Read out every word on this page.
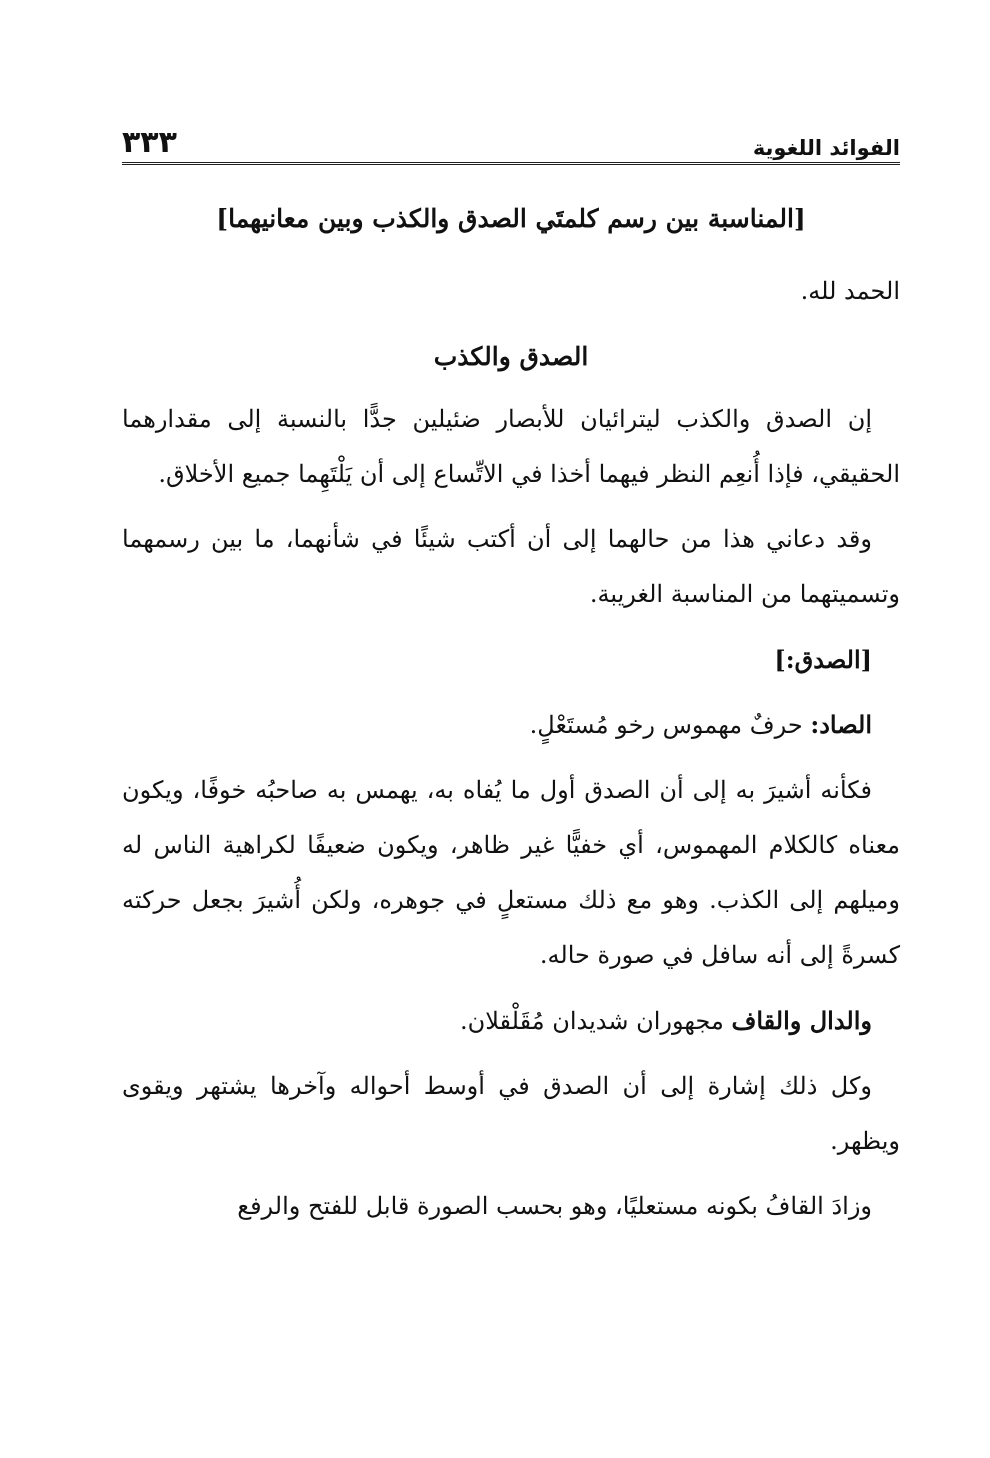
الفوائد اللغوية
٣٣٣
[المناسبة بين رسم كلمتَي الصدق والكذب وبين معانيهما]

الحمد لله.

الصدق والكذب

إن الصدق والكذب ليترائيان للأبصار ضئيلين جدًّا بالنسبة إلى مقدارهما الحقيقي، فإذا أُنعِم النظر فيهما أخذا في الاتِّساع إلى أن يَلْتَهِما جميع الأخلاق.

وقد دعاني هذا من حالهما إلى أن أكتب شيئًا في شأنهما، ما بين رسمهما وتسميتهما من المناسبة الغريبة.

[الصدق:]

الصاد: حرفٌ مهموس رخو مُستَعْلٍ.

فكأنه أشيرَ به إلى أن الصدق أول ما يُفاه به، يهمس به صاحبُه خوفًا، ويكون معناه كالكلام المهموس، أي خفيًّا غير ظاهر، ويكون ضعيفًا لكراهية الناس له وميلهم إلى الكذب. وهو مع ذلك مستعلٍ في جوهره، ولكن أُشيرَ بجعل حركته كسرةً إلى أنه سافل في صورة حاله.

والدال والقاف مجهوران شديدان مُقَلْقلان.

وكل ذلك إشارة إلى أن الصدق في أوسط أحواله وآخرها يشتهر ويقوى ويظهر.

وزادَ القافُ بكونه مستعليًا، وهو بحسب الصورة قابل للفتح والرفع
